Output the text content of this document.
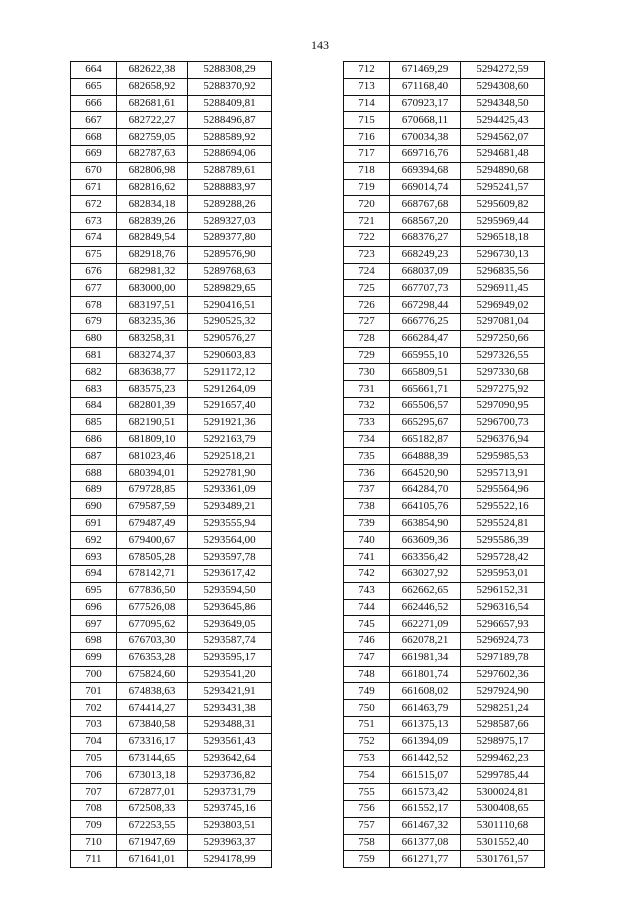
143
664	682622,38	5288308,29
665	682658,92	5288370,92
666	682681,61	5288409,81
667	682722,27	5288496,87
668	682759,05	5288589,92
669	682787,63	5288694,06
670	682806,98	5288789,61
671	682816,62	5288883,97
672	682834,18	5289288,26
673	682839,26	5289327,03
674	682849,54	5289377,80
675	682918,76	5289576,90
676	682981,32	5289768,63
677	683000,00	5289829,65
678	683197,51	5290416,51
679	683235,36	5290525,32
680	683258,31	5290576,27
681	683274,37	5290603,83
682	683638,77	5291172,12
683	683575,23	5291264,09
684	682801,39	5291657,40
685	682190,51	5291921,36
686	681809,10	5292163,79
687	681023,46	5292518,21
688	680394,01	5292781,90
689	679728,85	5293361,09
690	679587,59	5293489,21
691	679487,49	5293555,94
692	679400,67	5293564,00
693	678505,28	5293597,78
694	678142,71	5293617,42
695	677836,50	5293594,50
696	677526,08	5293645,86
697	677095,62	5293649,05
698	676703,30	5293587,74
699	676353,28	5293595,17
700	675824,60	5293541,20
701	674838,63	5293421,91
702	674414,27	5293431,38
703	673840,58	5293488,31
704	673316,17	5293561,43
705	673144,65	5293642,64
706	673013,18	5293736,82
707	672877,01	5293731,79
708	672508,33	5293745,16
709	672253,55	5293803,51
710	671947,69	5293963,37
711	671641,01	5294178,99
712	671469,29	5294272,59
713	671168,40	5294308,60
714	670923,17	5294348,50
715	670668,11	5294425,43
716	670034,38	5294562,07
717	669716,76	5294681,48
718	669394,68	5294890,68
719	669014,74	5295241,57
720	668767,68	5295609,82
721	668567,20	5295969,44
722	668376,27	5296518,18
723	668249,23	5296730,13
724	668037,09	5296835,56
725	667707,73	5296911,45
726	667298,44	5296949,02
727	666776,25	5297081,04
728	666284,47	5297250,66
729	665955,10	5297326,55
730	665809,51	5297330,68
731	665661,71	5297275,92
732	665506,57	5297090,95
733	665295,67	5296700,73
734	665182,87	5296376,94
735	664888,39	5295985,53
736	664520,90	5295713,91
737	664284,70	5295564,96
738	664105,76	5295522,16
739	663854,90	5295524,81
740	663609,36	5295586,39
741	663356,42	5295728,42
742	663027,92	5295953,01
743	662662,65	5296152,31
744	662446,52	5296316,54
745	662271,09	5296657,93
746	662078,21	5296924,73
747	661981,34	5297189,78
748	661801,74	5297602,36
749	661608,02	5297924,90
750	661463,79	5298251,24
751	661375,13	5298587,66
752	661394,09	5298975,17
753	661442,52	5299462,23
754	661515,07	5299785,44
755	661573,42	5300024,81
756	661552,17	5300408,65
757	661467,32	5301110,68
758	661377,08	5301552,40
759	661271,77	5301761,57
